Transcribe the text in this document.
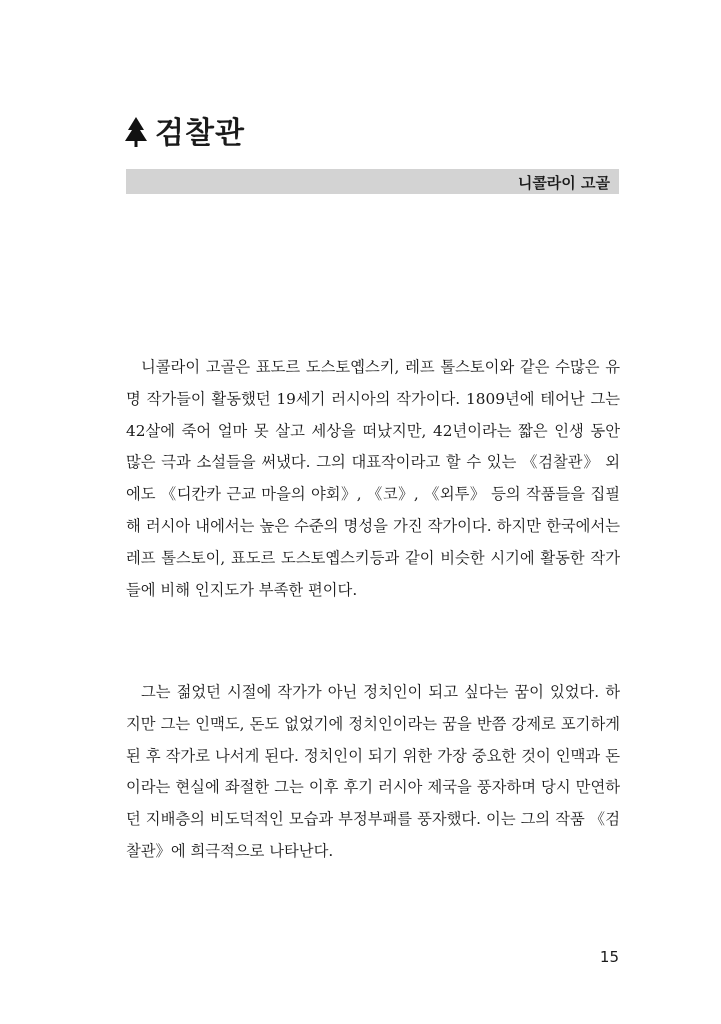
검찰관
니콜라이 고골

니콜라이 고골은 표도르 도스토옙스키, 레프 톨스토이와 같은 수많은 유명 작가들이 활동했던 19세기 러시아의 작가이다. 1809년에 테어난 그는 42살에 죽어 얼마 못 살고 세상을 떠났지만, 42년이라는 짧은 인생 동안 많은 극과 소설들을 써냈다. 그의 대표작이라고 할 수 있는 《검찰관》 외에도 《디칸카 근교 마을의 야회》, 《코》, 《외투》 등의 작품들을 집필해 러시아 내에서는 높은 수준의 명성을 가진 작가이다. 하지만 한국에서는 레프 톨스토이, 표도르 도스토옙스키등과 같이 비슷한 시기에 활동한 작가들에 비해 인지도가 부족한 편이다.

그는 젊었던 시절에 작가가 아닌 정치인이 되고 싶다는 꿈이 있었다. 하지만 그는 인맥도, 돈도 없었기에 정치인이라는 꿈을 반쯤 강제로 포기하게 된 후 작가로 나서게 된다. 정치인이 되기 위한 가장 중요한 것이 인맥과 돈이라는 현실에 좌절한 그는 이후 후기 러시아 제국을 풍자하며 당시 만연하던 지배층의 비도덕적인 모습과 부정부패를 풍자했다. 이는 그의 작품 《검찰관》에 희극적으로 나타난다.

15
